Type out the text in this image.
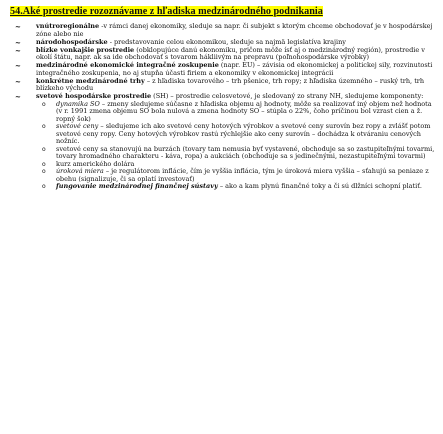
54.Aké prostredie rozoznávame z hľadiska medzinárodného podnikania
~
vnútroregionálne -v rámci danej ekonomiky, sleduje sa napr. či subjekt s ktorým chceme obchodovať je v hospodárskej zóne alebo nie
~
národohospodárske - predstavovanie celou ekonomikou, sleduje sa najmä legislatíva krajiny
~
blízke vonkajšie prostredie (obklopujúce danú ekonomiku, pričom môže ísť aj o medzinárodný región), prostredie v okolí štátu, napr. ak sa ide obchodovať s tovarom hákliivým na prepravu (poľnohospodárske výrobky)
~
medzinárodné ekonomické integračné zoskupenie (napr. EU) – závisia od ekonomickej a politickej sily, rozvinutosti integračného zoskupenia, no aj stupňa účasti firiem a ekonomiky v ekonomickej integrácii
~
konkrétne medzinárodné trhy – z hľadiska tovarového – trh pšenice, trh ropy; z hľadiska územného – ruský trh, trh blízkeho východu
~
svetové hospodárske prostredie (SH) – prostredie celosvetové, je sledovaný zo strany NH, sledujeme komponenty:
o
dynamika SO – zmeny sledujeme súčasne z hľadiska objemu aj hodnoty, môže sa realizovať iný objem než hodnota (v r. 1991 zmena objemu SO bola nulová a zmena hodnoty SO – stúpla o 22%, čoho príčinou bol vzrast cien a ž. ropný šok)
o
svetové ceny – sledujeme ich ako svetové ceny hotových výrobkov a svetové ceny surovín bez ropy a zvlášť potom svetové ceny ropy. Ceny hotových výrobkov rastú rýchlejšie ako ceny surovín – dochádza k otváraniu cenových nožníc.
o
svetové ceny sa stanovujú na burzách (tovary tam nemusia byť vystavené, obchoduje sa so zastupiteľnými tovarmi, tovary hromadného charakteru - káva, ropa) a aukciách (obchoduje sa s jedinečnými, nezastupiteľnými tovarmi)
o
kurz amerického dolára
o
úroková miera – je regulátorom inflácie, čím je vyššia inflácia, tým je úroková miera vyššia – sťahujú sa peniaze z obehu (signalizuje, či sa oplatí investovať)
o
fungovanie medzinárodnej finančnej sústavy – ako a kam plynú finančné toky a či sú dlžníci schopní platiť.
